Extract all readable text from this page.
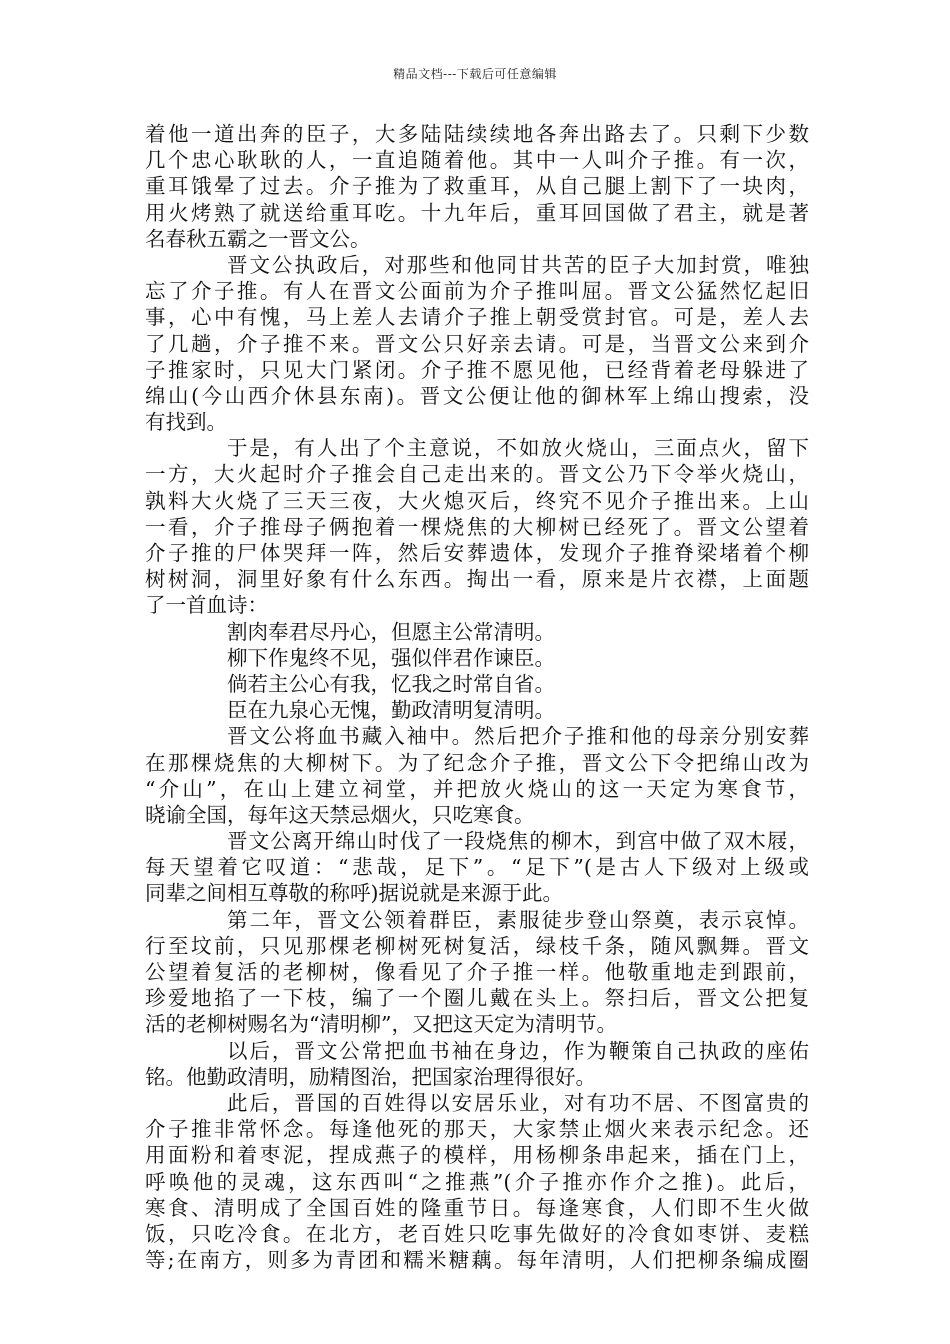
精品文档---下载后可任意编辑
着他一道出奔的臣子，大多陆陆续续地各奔出路去了。只剩下少数
几个忠心耿耿的人，一直追随着他。其中一人叫介子推。有一次，
重耳饿晕了过去。介子推为了救重耳，从自己腿上割下了一块肉，
用火烤熟了就送给重耳吃。十九年后，重耳回国做了君主，就是著
名春秋五霸之一晋文公。
晋文公执政后，对那些和他同甘共苦的臣子大加封赏，唯独
忘了介子推。有人在晋文公面前为介子推叫屈。晋文公猛然忆起旧
事，心中有愧，马上差人去请介子推上朝受赏封官。可是，差人去
了几趟，介子推不来。晋文公只好亲去请。可是，当晋文公来到介
子推家时，只见大门紧闭。介子推不愿见他，已经背着老母躲进了
绵山(今山西介休县东南)。晋文公便让他的御林军上绵山搜索，没
有找到。
于是，有人出了个主意说，不如放火烧山，三面点火，留下
一方，大火起时介子推会自己走出来的。晋文公乃下令举火烧山，
孰料大火烧了三天三夜，大火熄灭后，终究不见介子推出来。上山
一看，介子推母子俩抱着一棵烧焦的大柳树已经死了。晋文公望着
介子推的尸体哭拜一阵，然后安葬遗体，发现介子推脊梁堵着个柳
树树洞，洞里好象有什么东西。掏出一看，原来是片衣襟，上面题
了一首血诗：
割肉奉君尽丹心，但愿主公常清明。
柳下作鬼终不见，强似伴君作谏臣。
倘若主公心有我，忆我之时常自省。
臣在九泉心无愧，勤政清明复清明。
晋文公将血书藏入袖中。然后把介子推和他的母亲分别安葬
在那棵烧焦的大柳树下。为了纪念介子推，晋文公下令把绵山改为
“介山”，在山上建立祠堂，并把放火烧山的这一天定为寒食节，
晓谕全国，每年这天禁忌烟火，只吃寒食。
晋文公离开绵山时伐了一段烧焦的柳木，到宫中做了双木屐，
每天望着它叹道：“悲哉，足下”。“足下”(是古人下级对上级或
同辈之间相互尊敬的称呼)据说就是来源于此。
第二年，晋文公领着群臣，素服徒步登山祭奠，表示哀悼。
行至坟前，只见那棵老柳树死树复活，绿枝千条，随风飘舞。晋文
公望着复活的老柳树，像看见了介子推一样。他敬重地走到跟前，
珍爱地掐了一下枝，编了一个圈儿戴在头上。祭扫后，晋文公把复
活的老柳树赐名为“清明柳”，又把这天定为清明节。
以后，晋文公常把血书袖在身边，作为鞭策自己执政的座佑
铭。他勤政清明，励精图治，把国家治理得很好。
此后，晋国的百姓得以安居乐业，对有功不居、不图富贵的
介子推非常怀念。每逢他死的那天，大家禁止烟火来表示纪念。还
用面粉和着枣泥，捏成燕子的模样，用杨柳条串起来，插在门上，
呼唤他的灵魂，这东西叫“之推燕”(介子推亦作介之推)。此后，
寒食、清明成了全国百姓的隆重节日。每逢寒食，人们即不生火做
饭，只吃冷食。在北方，老百姓只吃事先做好的冷食如枣饼、麦糕
等;在南方，则多为青团和糯米糖藕。每年清明，人们把柳条编成圈
